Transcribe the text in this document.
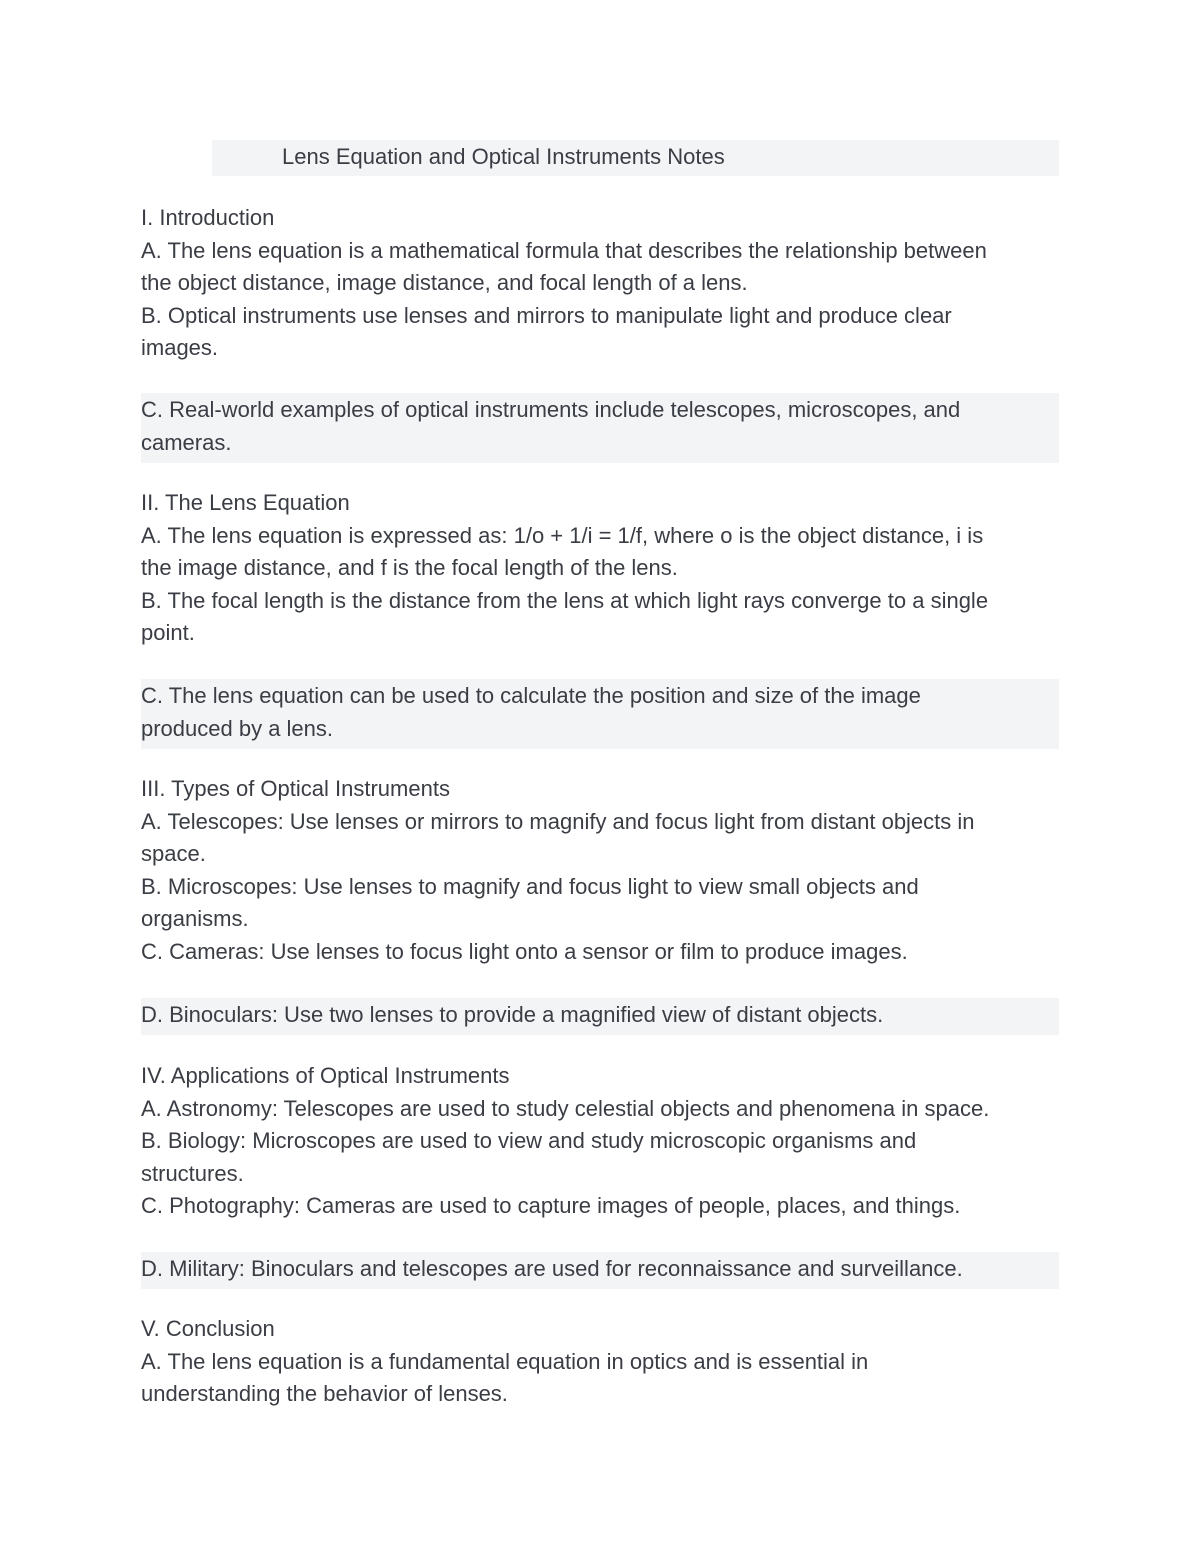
Lens Equation and Optical Instruments Notes

I. Introduction

A. The lens equation is a mathematical formula that describes the relationship between

the object distance, image distance, and focal length of a lens.

B. Optical instruments use lenses and mirrors to manipulate light and produce clear

images.

C. Real-world examples of optical instruments include telescopes, microscopes, and

cameras.

II. The Lens Equation

A. The lens equation is expressed as: 1/o + 1/i = 1/f, where o is the object distance, i is

the image distance, and f is the focal length of the lens.

B. The focal length is the distance from the lens at which light rays converge to a single

point.

C. The lens equation can be used to calculate the position and size of the image

produced by a lens.

III. Types of Optical Instruments

A. Telescopes: Use lenses or mirrors to magnify and focus light from distant objects in

space.

B. Microscopes: Use lenses to magnify and focus light to view small objects and

organisms.

C. Cameras: Use lenses to focus light onto a sensor or film to produce images.

D. Binoculars: Use two lenses to provide a magnified view of distant objects.

IV. Applications of Optical Instruments

A. Astronomy: Telescopes are used to study celestial objects and phenomena in space.

B. Biology: Microscopes are used to view and study microscopic organisms and

structures.

C. Photography: Cameras are used to capture images of people, places, and things.

D. Military: Binoculars and telescopes are used for reconnaissance and surveillance.

V. Conclusion

A. The lens equation is a fundamental equation in optics and is essential in

understanding the behavior of lenses.
